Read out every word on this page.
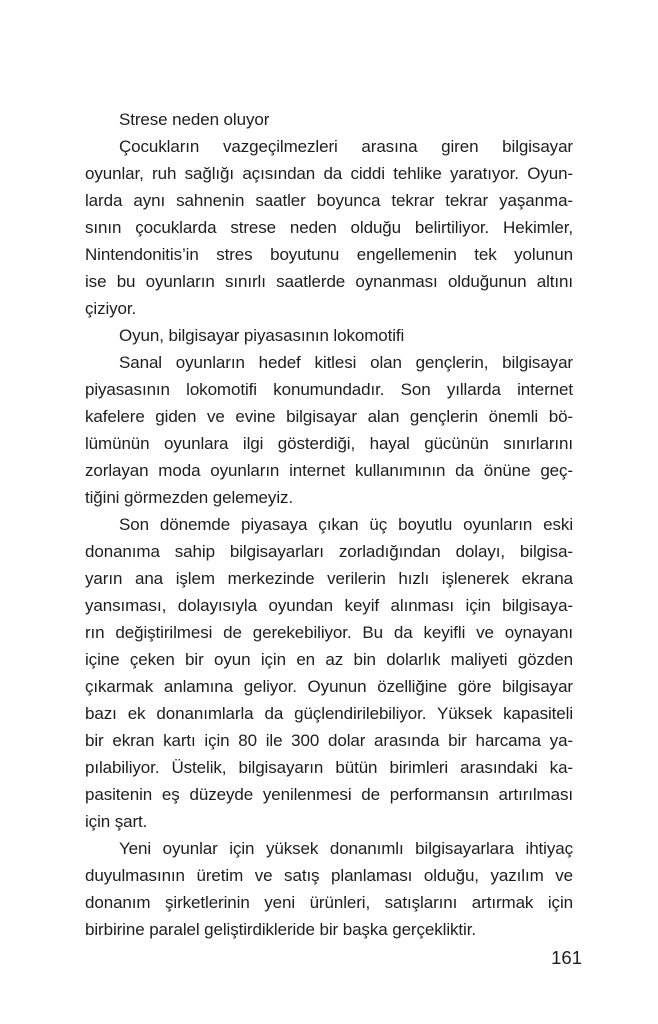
Strese neden oluyor
Çocukların vazgeçilmezleri arasına giren bilgisayar
oyunlar, ruh sağlığı açısından da ciddi tehlike yaratıyor. Oyun-
larda aynı sahnenin saatler boyunca tekrar tekrar yaşanma-
sının çocuklarda strese neden olduğu belirtiliyor. Hekimler,
Nintendonitis’in stres boyutunu engellemenin tek yolunun
ise bu oyunların sınırlı saatlerde oynanması olduğunun altını
çiziyor.
Oyun, bilgisayar piyasasının lokomotifi
Sanal oyunların hedef kitlesi olan gençlerin, bilgisayar
piyasasının lokomotifi konumundadır. Son yıllarda internet
kafelere giden ve evine bilgisayar alan gençlerin önemli bö-
lümünün oyunlara ilgi gösterdiği, hayal gücünün sınırlarını
zorlayan moda oyunların internet kullanımının da önüne geç-
tiğini görmezden gelemeyiz.
Son dönemde piyasaya çıkan üç boyutlu oyunların eski
donanıma sahip bilgisayarları zorladığından dolayı, bilgisa-
yarın ana işlem merkezinde verilerin hızlı işlenerek ekrana
yansıması, dolayısıyla oyundan keyif alınması için bilgisaya-
rın değiştirilmesi de gerekebiliyor. Bu da keyifli ve oynayanı
içine çeken bir oyun için en az bin dolarlık maliyeti gözden
çıkarmak anlamına geliyor. Oyunun özelliğine göre bilgisayar
bazı ek donanımlarla da güçlendirilebiliyor. Yüksek kapasiteli
bir ekran kartı için 80 ile 300 dolar arasında bir harcama ya-
pılabiliyor. Üstelik, bilgisayarın bütün birimleri arasındaki ka-
pasitenin eş düzeyde yenilenmesi de performansın artırılması
için şart.
Yeni oyunlar için yüksek donanımlı bilgisayarlara ihtiyaç
duyulmasının üretim ve satış planlaması olduğu, yazılım ve
donanım şirketlerinin yeni ürünleri, satışlarını artırmak için
birbirine paralel geliştirdikleride bir başka gerçekliktir.
161
